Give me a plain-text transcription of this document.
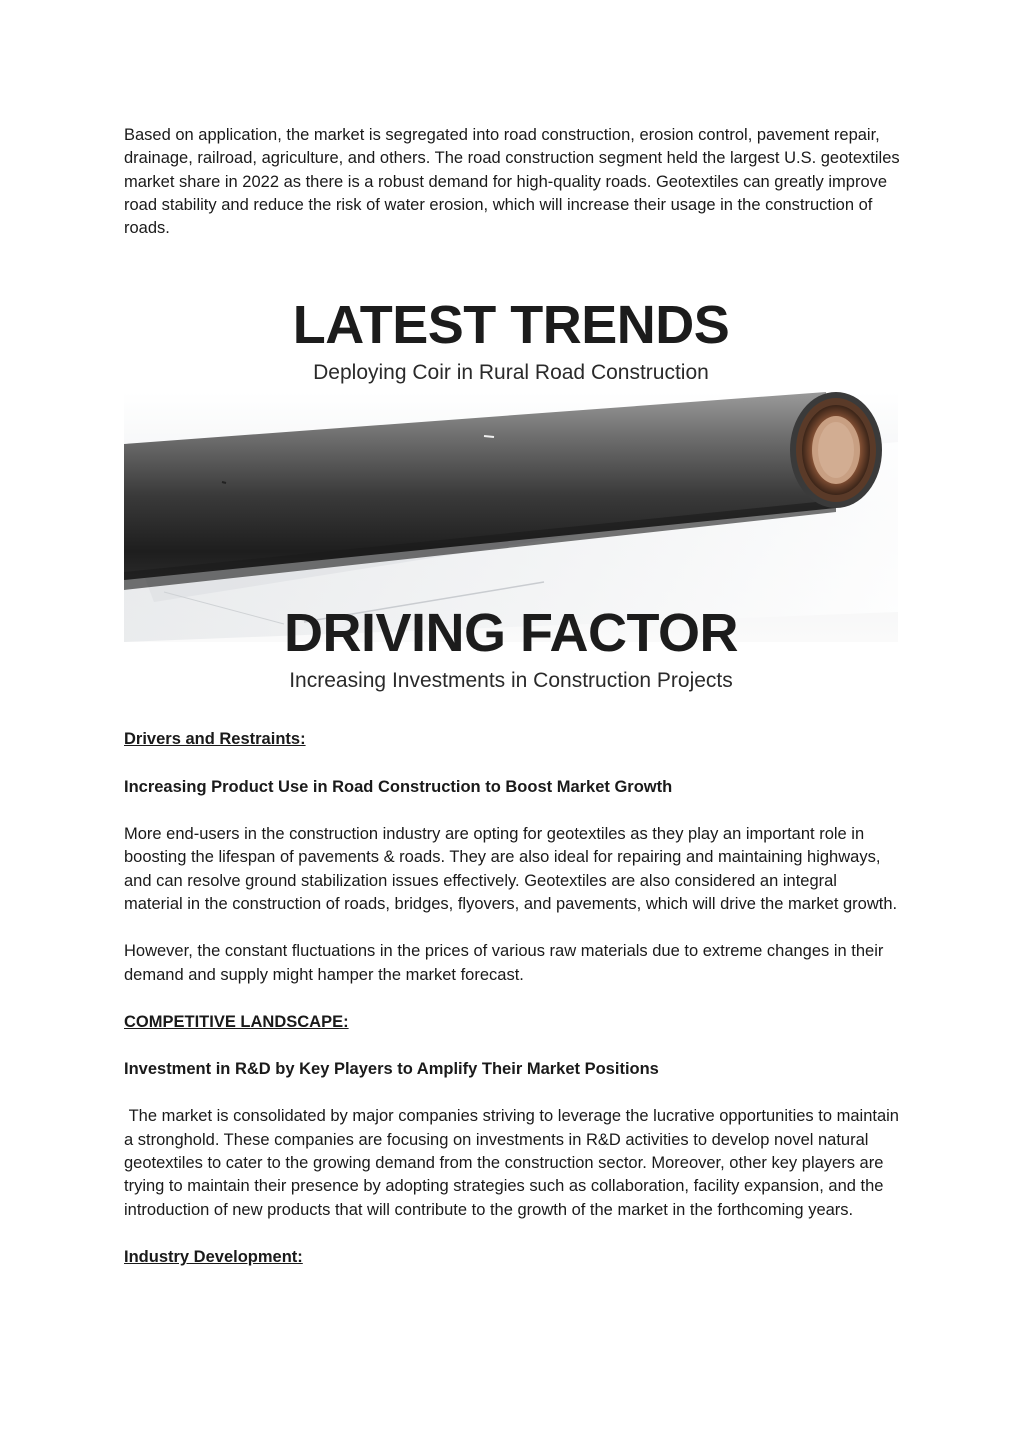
Based on application, the market is segregated into road construction, erosion control, pavement repair, drainage, railroad, agriculture, and others. The road construction segment held the largest U.S. geotextiles market share in 2022 as there is a robust demand for high-quality roads. Geotextiles can greatly improve road stability and reduce the risk of water erosion, which will increase their usage in the construction of roads.

LATEST TRENDS
Deploying Coir in Rural Road Construction
DRIVING FACTOR
Increasing Investments in Construction Projects

Drivers and Restraints:

Increasing Product Use in Road Construction to Boost Market Growth

More end-users in the construction industry are opting for geotextiles as they play an important role in boosting the lifespan of pavements & roads. They are also ideal for repairing and maintaining highways, and can resolve ground stabilization issues effectively. Geotextiles are also considered an integral material in the construction of roads, bridges, flyovers, and pavements, which will drive the market growth.

However, the constant fluctuations in the prices of various raw materials due to extreme changes in their demand and supply might hamper the market forecast.

COMPETITIVE LANDSCAPE:

Investment in R&D by Key Players to Amplify Their Market Positions

The market is consolidated by major companies striving to leverage the lucrative opportunities to maintain a stronghold. These companies are focusing on investments in R&D activities to develop novel natural geotextiles to cater to the growing demand from the construction sector. Moreover, other key players are trying to maintain their presence by adopting strategies such as collaboration, facility expansion, and the introduction of new products that will contribute to the growth of the market in the forthcoming years.

Industry Development:
